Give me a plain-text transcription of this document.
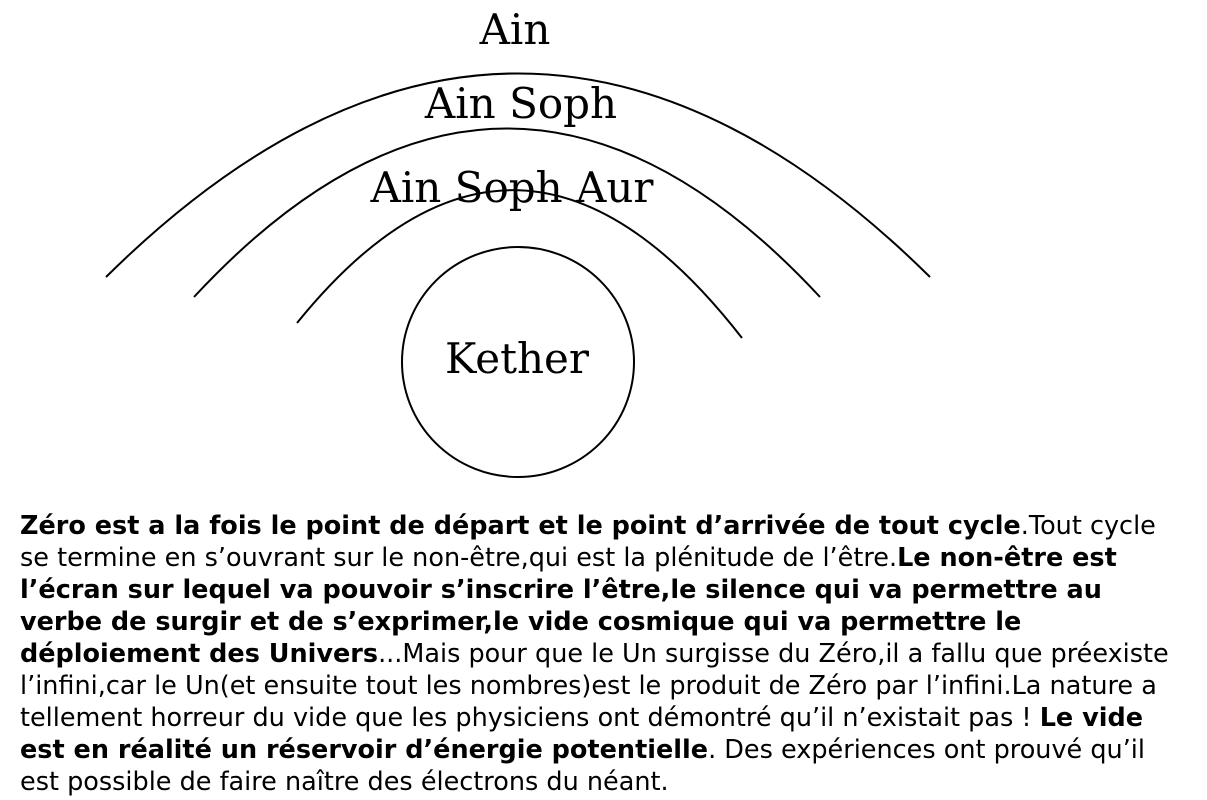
Ain
Ain Soph
Ain Soph Aur
Kether

Zéro est a la fois le point de départ et le point d’arrivée de tout cycle.Tout cycle se termine en s’ouvrant sur le non-être,qui est la plénitude de l’être.Le non-être est l’écran sur lequel va pouvoir s’inscrire l’être,le silence qui va permettre au verbe de surgir et de s’exprimer,le vide cosmique qui va permettre le déploiement des Univers...Mais pour que le Un surgisse du Zéro,il a fallu que préexiste l’infini,car le Un(et ensuite tout les nombres)est le produit de Zéro par l’infini.La nature a tellement horreur du vide que les physiciens ont démontré qu’il n’existait pas ! Le vide est en réalité un réservoir d’énergie potentielle. Des expériences ont prouvé qu’il est possible de faire naître des électrons du néant.
